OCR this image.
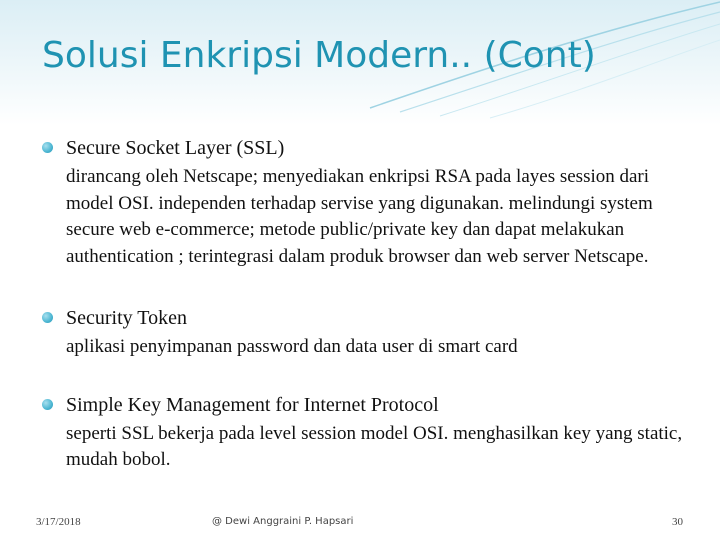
Solusi Enkripsi Modern.. (Cont)
Secure Socket Layer (SSL)
dirancang oleh Netscape; menyediakan enkripsi RSA pada layes session dari model OSI. independen terhadap servise yang digunakan. melindungi system secure web e-commerce; metode public/private key dan dapat melakukan authentication ; terintegrasi dalam produk browser dan web server Netscape.
Security Token
aplikasi penyimpanan password dan data user di smart card
Simple Key Management for Internet Protocol
seperti SSL bekerja pada level session model OSI. menghasilkan key yang static, mudah bobol.
3/17/2018	@ Dewi Anggraini P. Hapsari	30
